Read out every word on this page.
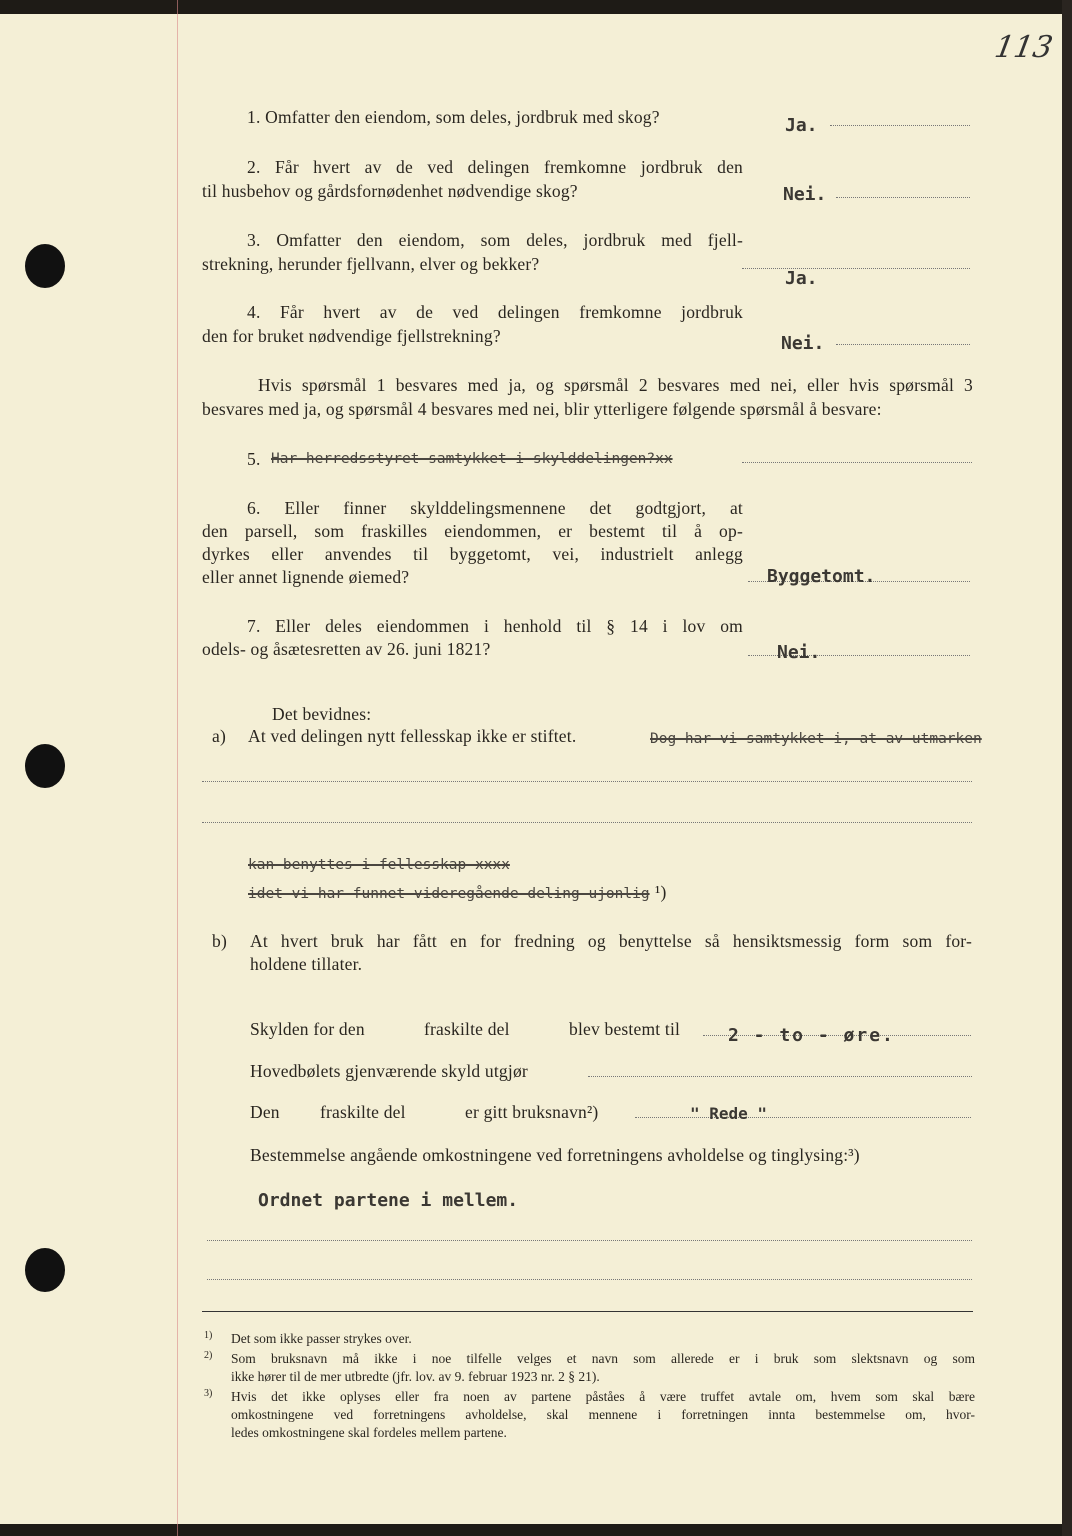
113
1. Omfatter den eiendom, som deles, jordbruk med skog?	Ja.
2. Får hvert av de ved delingen fremkomne jordbruk den
til husbehov og gårdsfornødenhet nødvendige skog?	Nei.
3. Omfatter den eiendom, som deles, jordbruk med fjell-
strekning, herunder fjellvann, elver og bekker?
Ja.
4. Får hvert av de ved delingen fremkomne jordbruk
den for bruket nødvendige fjellstrekning?	Nei.
Hvis spørsmål 1 besvares med ja, og spørsmål 2 besvares med nei, eller hvis spørsmål 3
besvares med ja, og spørsmål 4 besvares med nei, blir ytterligere følgende spørsmål å besvare:
5. Har herredsstyret samtykket i skylddelingen?xx
6. Eller finner skylddelingsmennene det godtgjort, at
den parsell, som fraskilles eiendommen, er bestemt til å op-
dyrkes eller anvendes til byggetomt, vei, industrielt anlegg
eller annet lignende øiemed?	Byggetomt.
7. Eller deles eiendommen i henhold til § 14 i lov om
odels- og åsætesretten av 26. juni 1821?	Nei.
Det bevidnes:
a) At ved delingen nytt fellesskap ikke er stiftet.	Dog har vi samtykket i, at av utmarken
kan benyttes i fellesskap xxxx
idet vi har funnet videregående deling ujonlig ¹)
b) At hvert bruk har fått en for fredning og benyttelse så hensiktsmessig form som for-
holdene tillater.
Skylden for den	fraskilte del	blev bestemt til	2 - to - øre.
Hovedbølets gjenværende skyld utgjør
Den fraskilte del	er gitt bruksnavn²)	" Rede "
Bestemmelse angående omkostningene ved forretningens avholdelse og tinglysing:³)
Ordnet partene i mellem.
1) Det som ikke passer strykes over.
2) Som bruksnavn må ikke i noe tilfelle velges et navn som allerede er i bruk som slektsnavn og som
ikke hører til de mer utbredte (jfr. lov. av 9. februar 1923 nr. 2 § 21).
3) Hvis det ikke oplyses eller fra noen av partene påståes å være truffet avtale om, hvem som skal bære
omkostningene ved forretningens avholdelse, skal mennene i forretningen innta bestemmelse om, hvor-
ledes omkostningene skal fordeles mellem partene.
